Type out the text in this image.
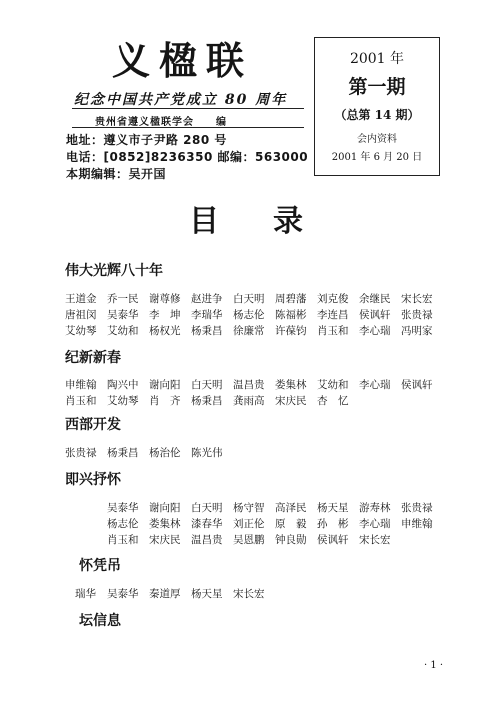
义楹联
纪念中国共产党成立 80 周年
贵州省遵义楹联学会　　编
地址：遵义市子尹路 280 号
电话：[0852]8236350 邮编：563000
本期编辑：吴开国
2001 年
第一期
（总第 14 期）
会内资料
2001 年 6 月 20 日
目 录
伟大光辉八十年
王道金 乔一民 谢尊修 赵进争 白天明 周碧藩 刘克俊 余继民 宋长宏
唐祖闵 吴泰华 李　坤 李瑞华 杨志伦 陈福彬 李连昌 侯讽轩 张贵禄
艾幼琴 艾幼和 杨权光 杨秉昌 徐廉常 许葆钧 肖玉和 李心瑞 冯明家
纪新新春
申维翰 陶兴中 谢向阳 白天明 温昌贵 娄集林 艾幼和 李心瑞 侯讽轩
肖玉和 艾幼琴 肖　齐 杨秉昌 龚雨高 宋庆民 杏　忆
西部开发
张贵禄 杨秉昌 杨治伦 陈光伟
即兴抒怀
吴泰华 谢向阳 白天明 杨守智 高泽民 杨天星 游寿林 张贵禄
杨志伦 娄集林 漆春华 刘正伦 原　毅 孙　彬 李心瑞 申维翰
肖玉和 宋庆民 温昌贵 吴恩鹏 钟良勋 侯讽轩 宋长宏
怀凭吊
瑞华 吴泰华 秦道厚 杨天星 宋长宏
坛信息
· 1 ·
